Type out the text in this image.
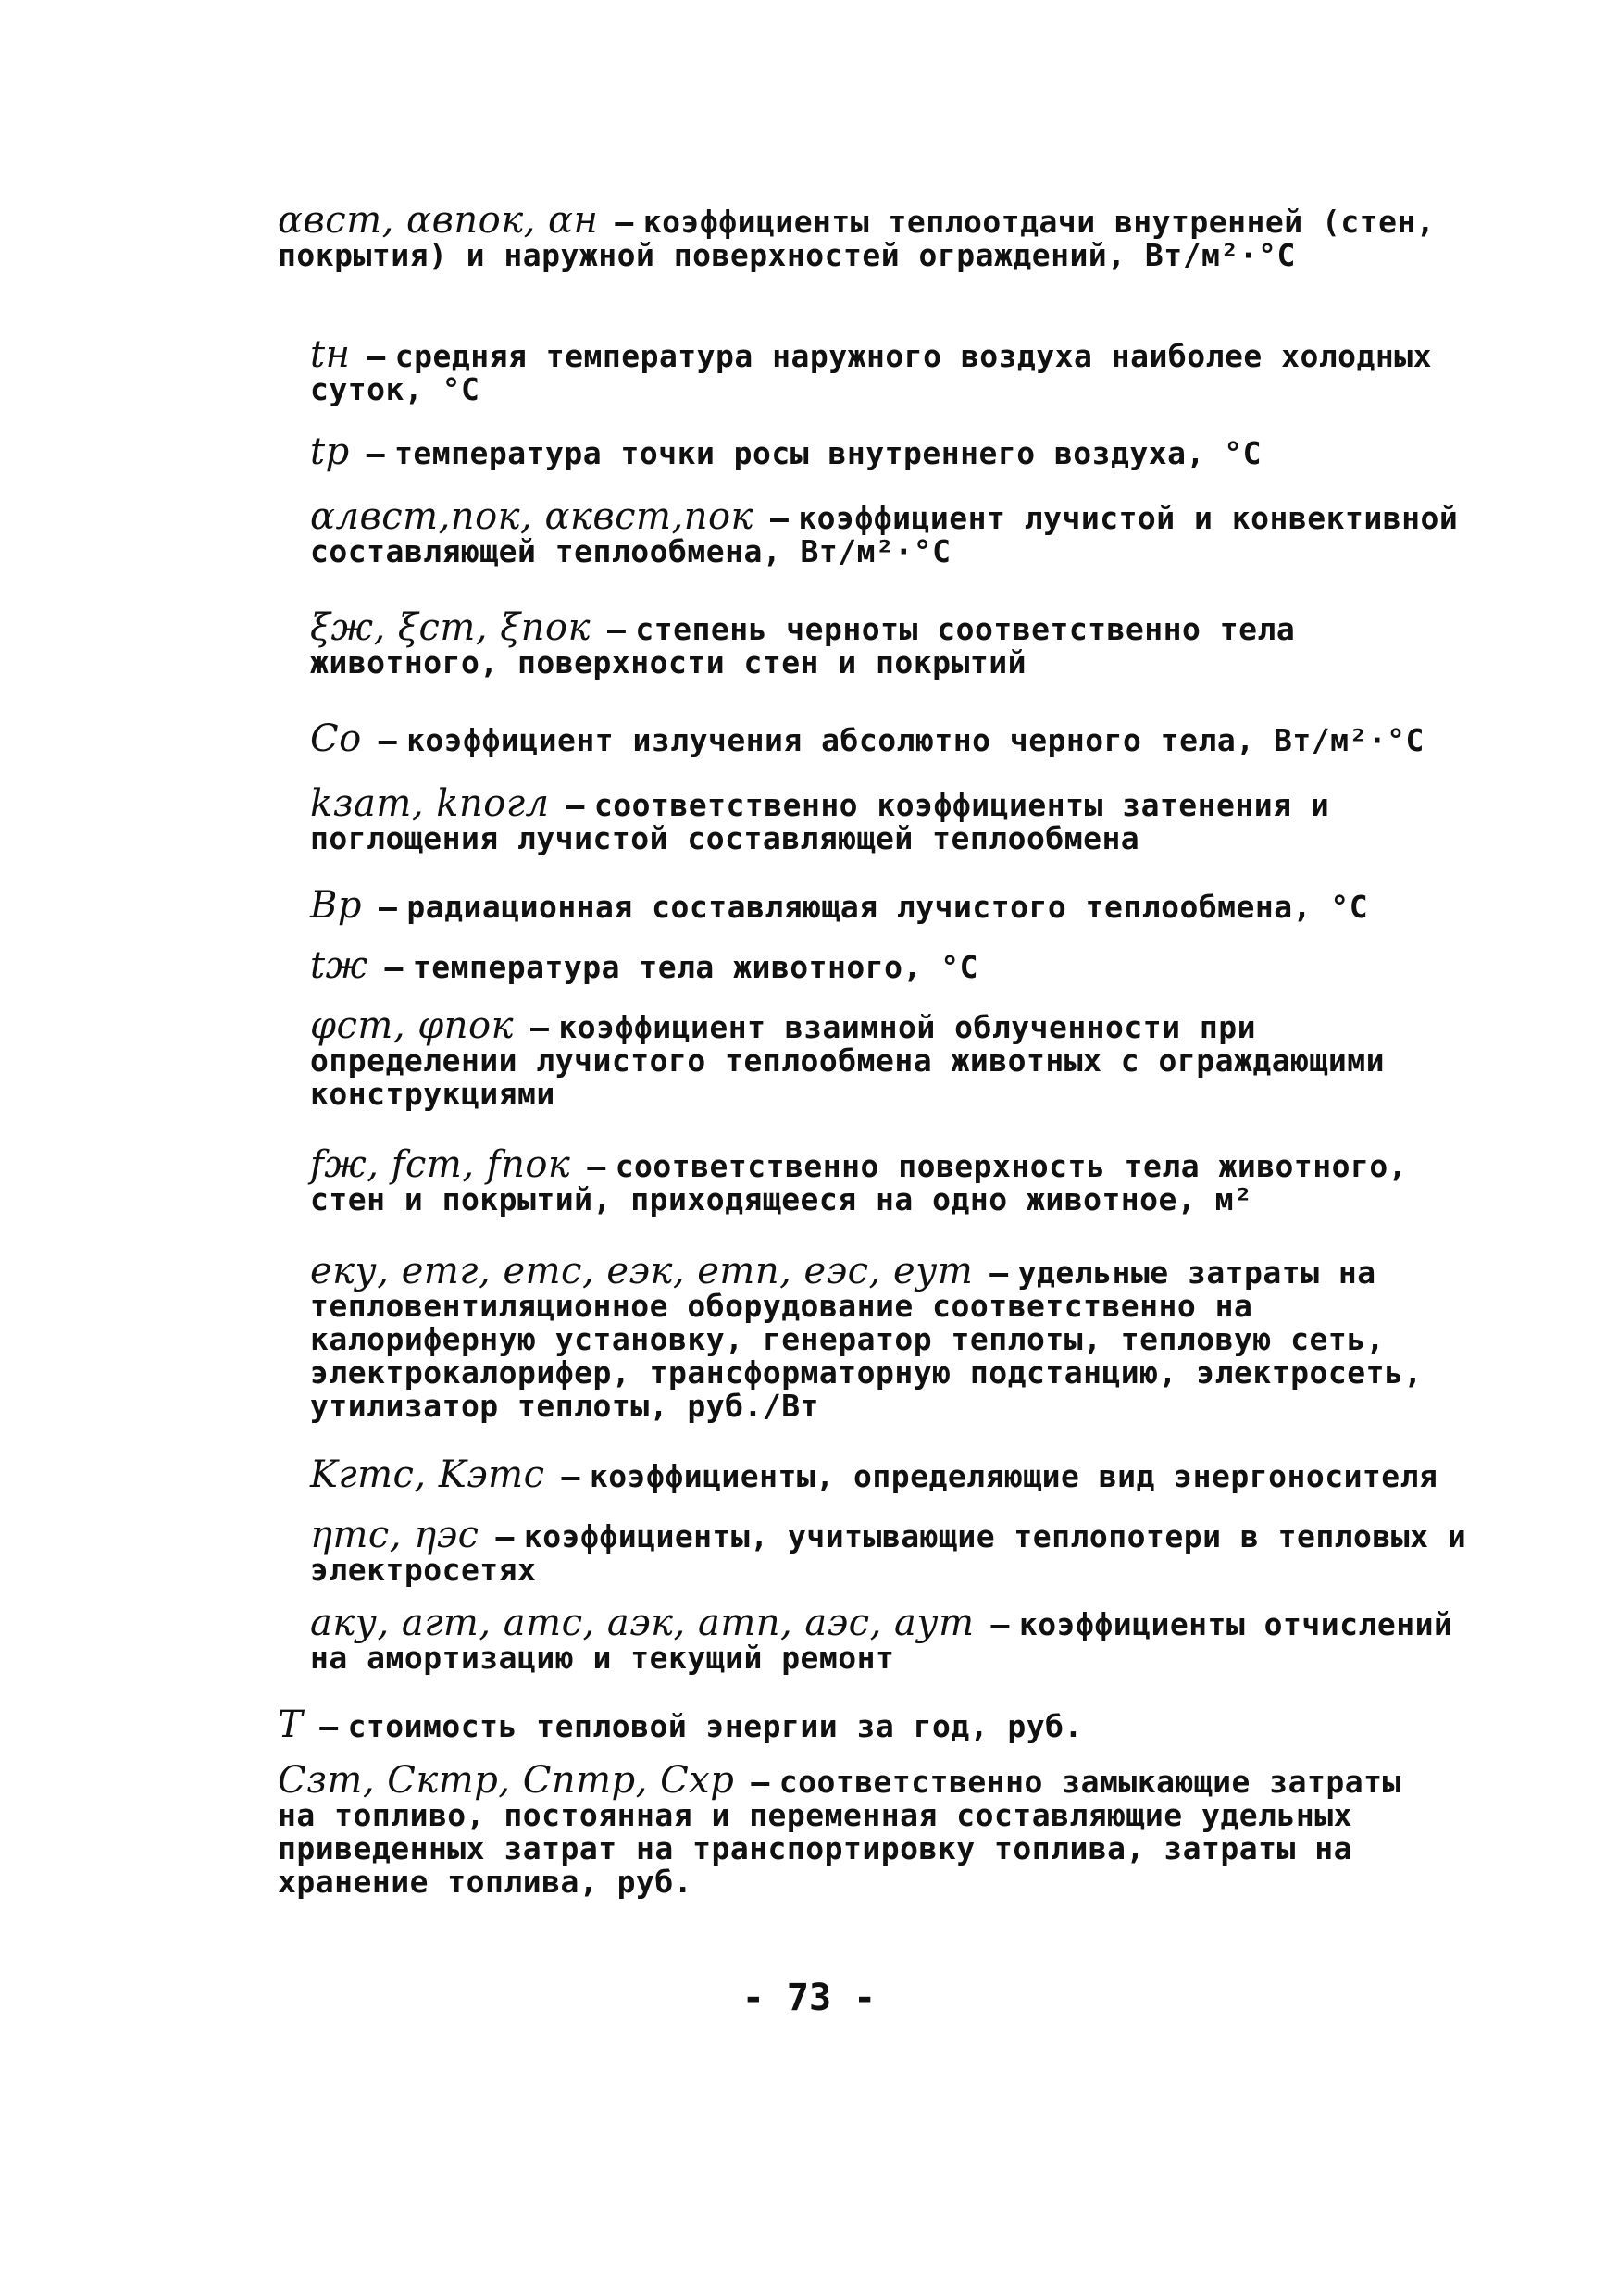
αвст, αвпок, αн – коэффициенты теплоотдачи внутренней (стен, покрытия) и наружной поверхностей ограждений, Вт/м²·°С
tн – средняя температура наружного воздуха наиболее холодных суток, °С
tр – температура точки росы внутреннего воздуха, °С
αлвст,пок, αквст,пок – коэффициент лучистой и конвективной составляющей теплообмена, Вт/м²·°С
ξж, ξст, ξпок – степень черноты соответственно тела животного, поверхности стен и покрытий
Cо – коэффициент излучения абсолютно черного тела, Вт/м²·°С
kзат, kпогл – соответственно коэффициенты затенения и поглощения лучистой составляющей теплообмена
Bр – радиационная составляющая лучистого теплообмена, °С
tж – температура тела животного, °С
φст, φпок – коэффициент взаимной облученности при определении лучистого теплообмена животных с ограждающими конструкциями
fж, fст, fпок – соответственно поверхность тела животного, стен и покрытий, приходящееся на одно животное, м²
eку, eтг, eтс, eэк, eтп, eэс, eут – удельные затраты на тепловентиляционное оборудование соответственно на калориферную установку, генератор теплоты, тепловую сеть, электрокалорифер, трансформаторную подстанцию, электросеть, утилизатор теплоты, руб./Вт
Kгтс, Kэтс – коэффициенты, определяющие вид энергоносителя
ηтс, ηэс – коэффициенты, учитывающие теплопотери в тепловых и электросетях
aку, aгт, aтс, aэк, aтп, aэс, aут – коэффициенты отчислений на амортизацию и текущий ремонт
Т – стоимость тепловой энергии за год, руб.
Cзт, Cктр, Cптр, Cхр – соответственно замыкающие затраты на топливо, постоянная и переменная составляющие удельных приведенных затрат на транспортировку топлива, затраты на хранение топлива, руб.
- 73 -
